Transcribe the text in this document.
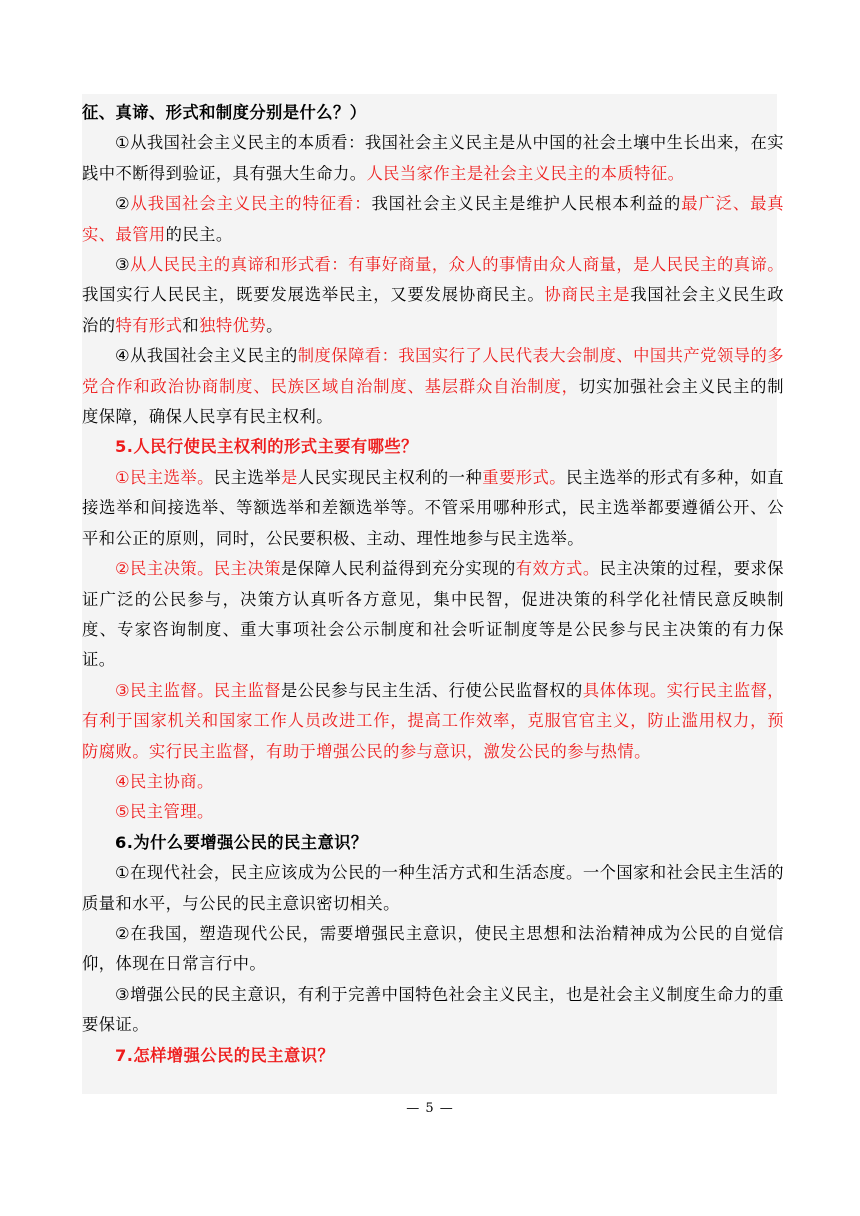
征、真谛、形式和制度分别是什么？）

①从我国社会主义民主的本质看：我国社会主义民主是从中国的社会土壤中生长出来，在实践中不断得到验证，具有强大生命力。人民当家作主是社会主义民主的本质特征。

②从我国社会主义民主的特征看：我国社会主义民主是维护人民根本利益的最广泛、最真实、最管用的民主。

③从人民民主的真谛和形式看：有事好商量，众人的事情由众人商量，是人民民主的真谛。我国实行人民民主，既要发展选举民主，又要发展协商民主。协商民主是我国社会主义民生政治的特有形式和独特优势。

④从我国社会主义民主的制度保障看：我国实行了人民代表大会制度、中国共产党领导的多党合作和政治协商制度、民族区域自治制度、基层群众自治制度，切实加强社会主义民主的制度保障，确保人民享有民主权利。

5.人民行使民主权利的形式主要有哪些？

①民主选举。民主选举是人民实现民主权利的一种重要形式。民主选举的形式有多种，如直接选举和间接选举、等额选举和差额选举等。不管采用哪种形式，民主选举都要遵循公开、公平和公正的原则，同时，公民要积极、主动、理性地参与民主选举。

②民主决策。民主决策是保障人民利益得到充分实现的有效方式。民主决策的过程，要求保证广泛的公民参与，决策方认真听各方意见，集中民智，促进决策的科学化社情民意反映制度、专家咨询制度、重大事项社会公示制度和社会听证制度等是公民参与民主决策的有力保证。

③民主监督。民主监督是公民参与民主生活、行使公民监督权的具体体现。实行民主监督，有利于国家机关和国家工作人员改进工作，提高工作效率，克服官官主义，防止滥用权力，预防腐败。实行民主监督，有助于增强公民的参与意识，激发公民的参与热情。

④民主协商。

⑤民主管理。

6.为什么要增强公民的民主意识？

①在现代社会，民主应该成为公民的一种生活方式和生活态度。一个国家和社会民主生活的质量和水平，与公民的民主意识密切相关。

②在我国，塑造现代公民，需要增强民主意识，使民主思想和法治精神成为公民的自觉信仰，体现在日常言行中。

③增强公民的民主意识，有利于完善中国特色社会主义民主，也是社会主义制度生命力的重要保证。

7.怎样增强公民的民主意识？

— 5 —
